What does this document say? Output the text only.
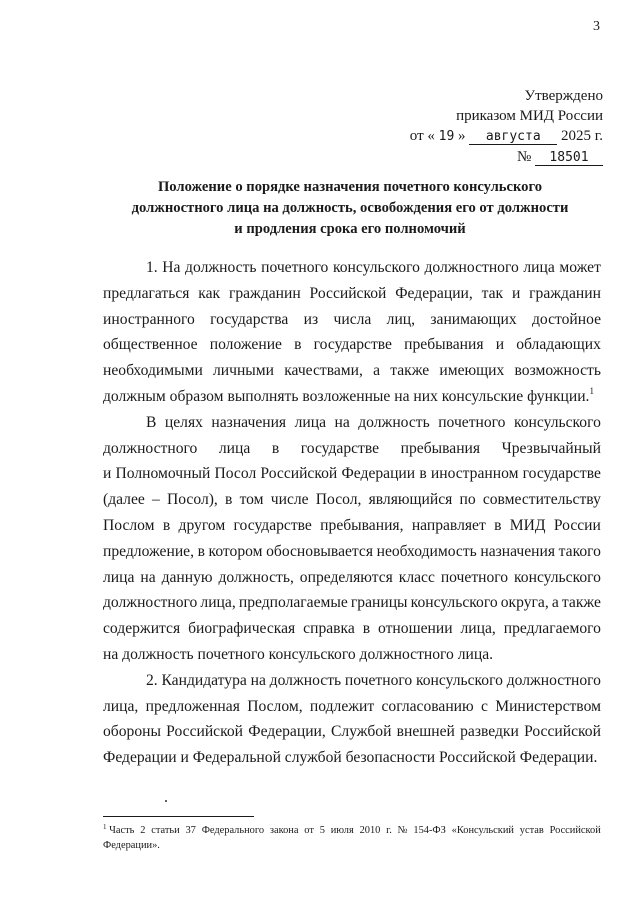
3
Утверждено
приказом МИД России
от « 19 » августа 2025 г.
№ 18501
Положение о порядке назначения почетного консульского
должностного лица на должность, освобождения его от должности
и продления срока его полномочий
1. На должность почетного консульского должностного лица может
предлагаться как гражданин Российской Федерации, так и гражданин
иностранного государства из числа лиц, занимающих достойное
общественное положение в государстве пребывания и обладающих
необходимыми личными качествами, а также имеющих возможность
должным образом выполнять возложенные на них консульские функции.$^1$
В целях назначения лица на должность почетного консульского
должностного лица в государстве пребывания Чрезвычайный
и Полномочный Посол Российской Федерации в иностранном государстве
(далее – Посол), в том числе Посол, являющийся по совместительству
Послом в другом государстве пребывания, направляет в МИД России
предложение, в котором обосновывается необходимость назначения такого
лица на данную должность, определяются класс почетного консульского
должностного лица, предполагаемые границы консульского округа, а также
содержится биографическая справка в отношении лица, предлагаемого
на должность почетного консульского должностного лица.
2. Кандидатура на должность почетного консульского должностного
лица, предложенная Послом, подлежит согласованию с Министерством
обороны Российской Федерации, Службой внешней разведки Российской
Федерации и Федеральной службой безопасности Российской Федерации.
$^1$ Часть 2 статьи 37 Федерального закона от 5 июля 2010 г. № 154-ФЗ «Консульский устав Российской
Федерации».
